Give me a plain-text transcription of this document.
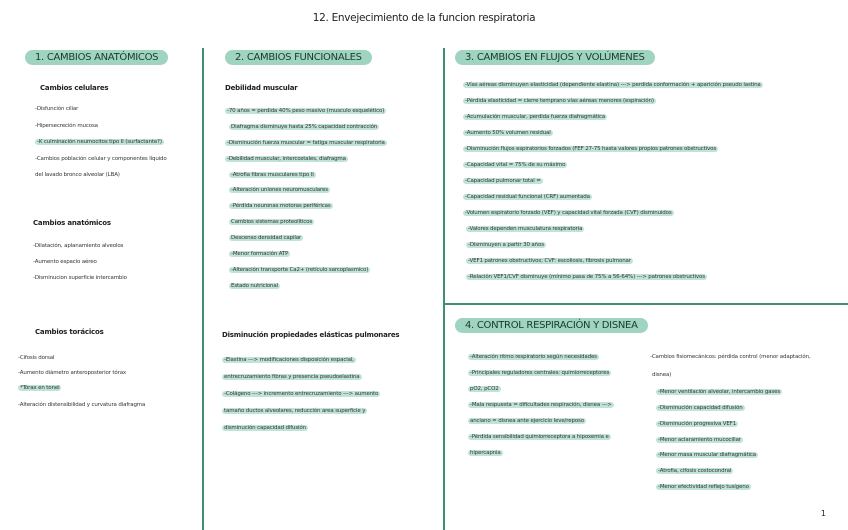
12. Envejecimiento de la funcion respiratoria
1. CAMBIOS ANATÓMICOS
Cambios celulares
-Disfunción ciliar
-Hipersecreción mucosa
-K culminación neumocitos tipo II (surfactante?)
-Cambios población celular y componentes líquido
del lavado bronco alveolar (LBA)
Cambios anatómicos
-Dilatación, aplanamiento alveolos
-Aumento espacio aéreo
-Disminucion superficie intercambio
Cambios torácicos
-Cifosis dorsal
-Aumento diámetro anteroposterior tórax
*Tórax en tonel
-Alteración distensibilidad y curvatura diafragma
2. CAMBIOS FUNCIONALES
Debilidad muscular
-70 años = perdida 40% peso masivo (musculo esquelético)
Diafragma disminuye hasta 25% capacidad contracción
-Disminución fuerza muscular = fatiga muscular respiratoria
-Debilidad muscular, intercostales, diafragma
-Atrofia fibras musculares tipo II
-Alteración uniones neuromusculares
-Pérdida neuronas motoras periféricas
Cambios sistemas proteolíticos
Descenso densidad capilar
-Menor formación ATP
-Alteración transporte Ca2+ (retículo sarcoplasmico)
Estado nutricional
Disminución propiedades elásticas pulmonares
-Elastina ---> modificaciones disposición espacial,
entrecruzamiento fibras y presencia pseudoelastina
-Colágeno ---> incremento entrecruzamiento ---> aumento
tamaño ductos alveolares, reducción area superficie y
disminución capacidad difusión
3. CAMBIOS EN FLUJOS Y VOLÚMENES
-Vías aéreas disminuyen elasticidad (dependiente elastina) ---> perdida conformación + aparición pseudo lastina
-Pérdida elasticidad = cierre temprano vías aéreas menores (espiración)
-Acumulación muscular, perdida fuerza diafragmática
-Aumento 50% volumen residual
-Disminución flujos espiratorios forzados (FEF 27-75 hasta valores propios patrones obstructivos
-Capacidad vital = 75% de su máximo
-Capacidad pulmonar total =
-Capacidad residual funcional (CRF) aumentada
-Volumen espiratorio forzado (VEF) y capacidad vital forzada (CVF) disminuidos
-Valores dependen musculatura respiratoria
-Disminuyen a partir 30 años
-VEF1 patrones obstructivos; CVF: escoliosis, fibrosis pulmonar
-Relación VEF1/CVF disminuye (mínimo pasa de 75% a 56-64%) ---> patrones obstructivos
4. CONTROL RESPIRACIÓN Y DISNEA
-Alteración ritmo respiratorio según necesidades
-Principales reguladores centrales: quimiorreceptores
pO2, pCO2
-Mala respuesta = dificultades respiración, disnea --->
anciano = disnea ante ejercicio leve/reposo
-Pérdida sensibilidad quimiorreceptora a hipoxemia e
hipercapnia
-Cambios fisiomecánicos: pérdida control (menor adaptación,
disnea)
-Menor ventilación alveolar, intercambio gases
-Disminución capacidad difusión
-Disminución progresiva VEF1
-Menor aclaramiento mucociliar
-Menor masa muscular diafragmática
-Atrofia, cifosis costocondral
-Menor efectividad reflejo tusígeno
1
